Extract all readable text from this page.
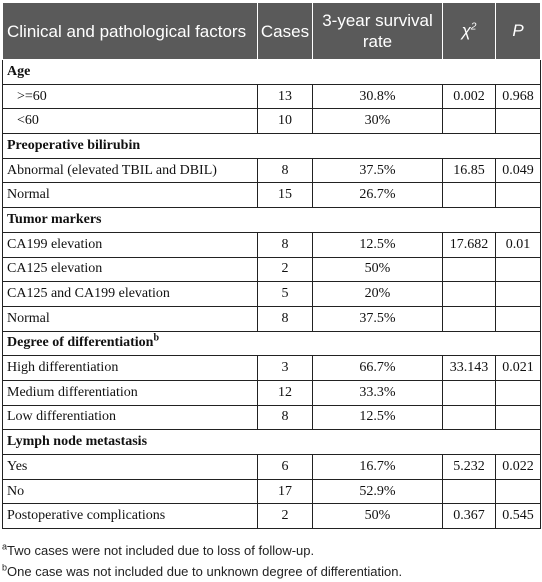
Clinical and pathological factors	Cases	3-year survival rate	$\chi^2$	P
Age				
>=60	13	30.8%	0.002	0.968
<60	10	30%		
Preoperative bilirubin				
Abnormal (elevated TBIL and DBIL)	8	37.5%	16.85	0.049
Normal	15	26.7%		
Tumor markers				
CA199 elevation	8	12.5%	17.682	0.01
CA125 elevation	2	50%		
CA125 and CA199 elevation	5	20%		
Normal	8	37.5%		
Degree of differentiation$^b$
High differentiation	3	66.7%	33.143	0.021
Medium differentiation	12	33.3%		
Low differentiation	8	12.5%		
Lymph node metastasis				
Yes	6	16.7%	5.232	0.022
No	17	52.9%		
Postoperative complications	2	50%	0.367	0.545
$^a$Two cases were not included due to loss of follow-up.
$^b$One case was not included due to unknown degree of differentiation.
